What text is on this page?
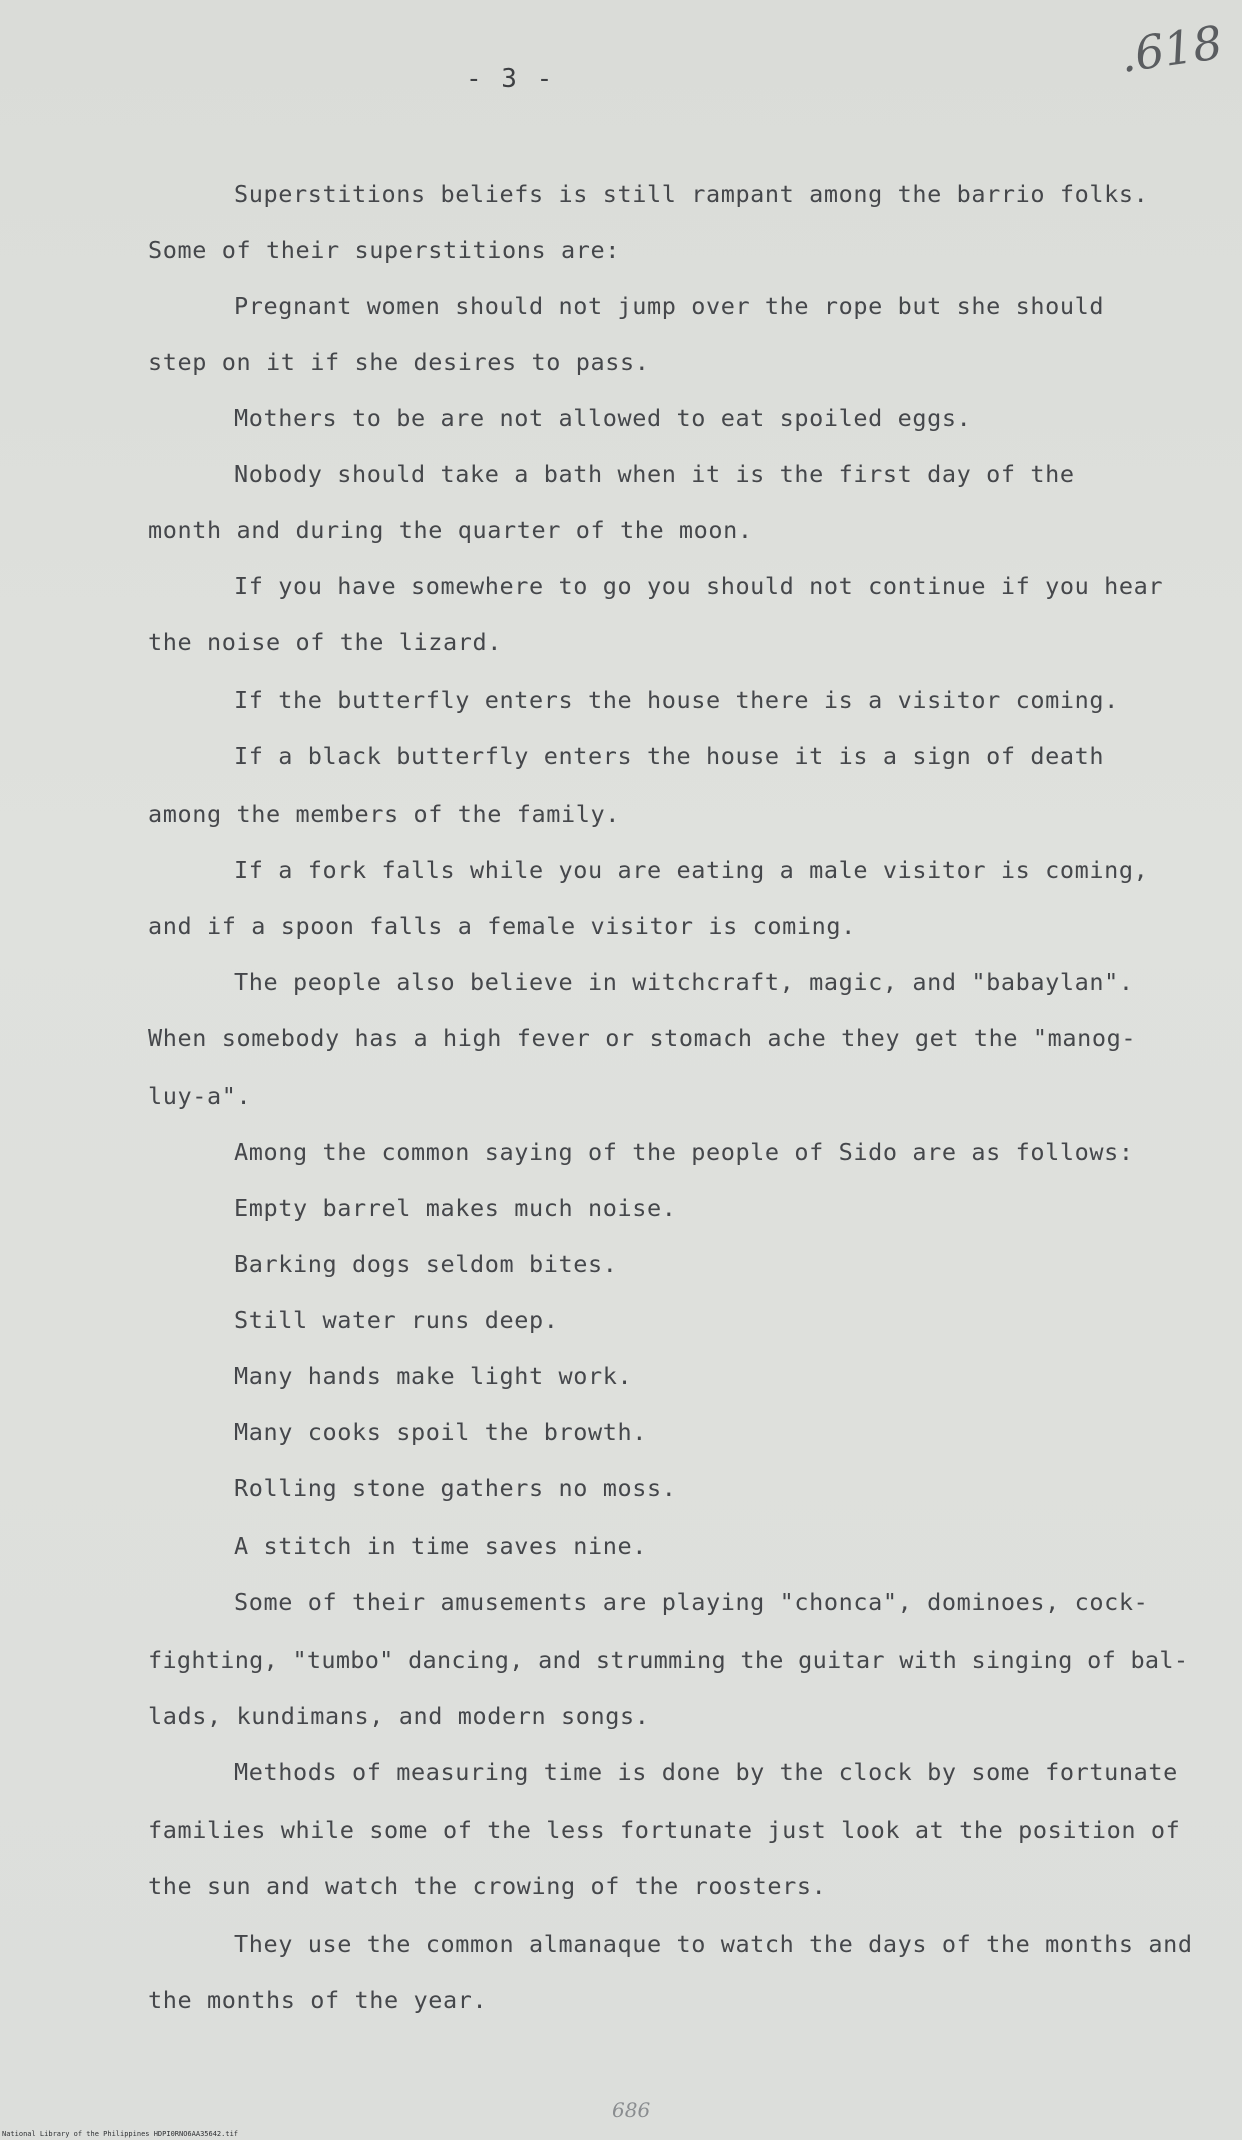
- 3 -	.618
Superstitions beliefs is still rampant among the barrio folks.
Some of their superstitions are:
Pregnant women should not jump over the rope but she should
step on it if she desires to pass.
Mothers to be are not allowed to eat spoiled eggs.
Nobody should take a bath when it is the first day of the
month and during the quarter of the moon.
If you have somewhere to go you should not continue if you hear
the noise of the lizard.
If the butterfly enters the house there is a visitor coming.
If a black butterfly enters the house it is a sign of death
among the members of the family.
If a fork falls while you are eating a male visitor is coming,
and if a spoon falls a female visitor is coming.
The people also believe in witchcraft, magic, and "babaylan".
When somebody has a high fever or stomach ache they get the "manog-
luy-a".
Among the common saying of the people of Sido are as follows:
Empty barrel makes much noise.
Barking dogs seldom bites.
Still water runs deep.
Many hands make light work.
Many cooks spoil the browth.
Rolling stone gathers no moss.
A stitch in time saves nine.
Some of their amusements are playing "chonca", dominoes, cock-
fighting, "tumbo" dancing, and strumming the guitar with singing of bal-
lads, kundimans, and modern songs.
Methods of measuring time is done by the clock by some fortunate
families while some of the less fortunate just look at the position of
the sun and watch the crowing of the roosters.
They use the common almanaque to watch the days of the months and
the months of the year.
686
National Library of the Philippines HDPI0RNO6AA35642.tif
